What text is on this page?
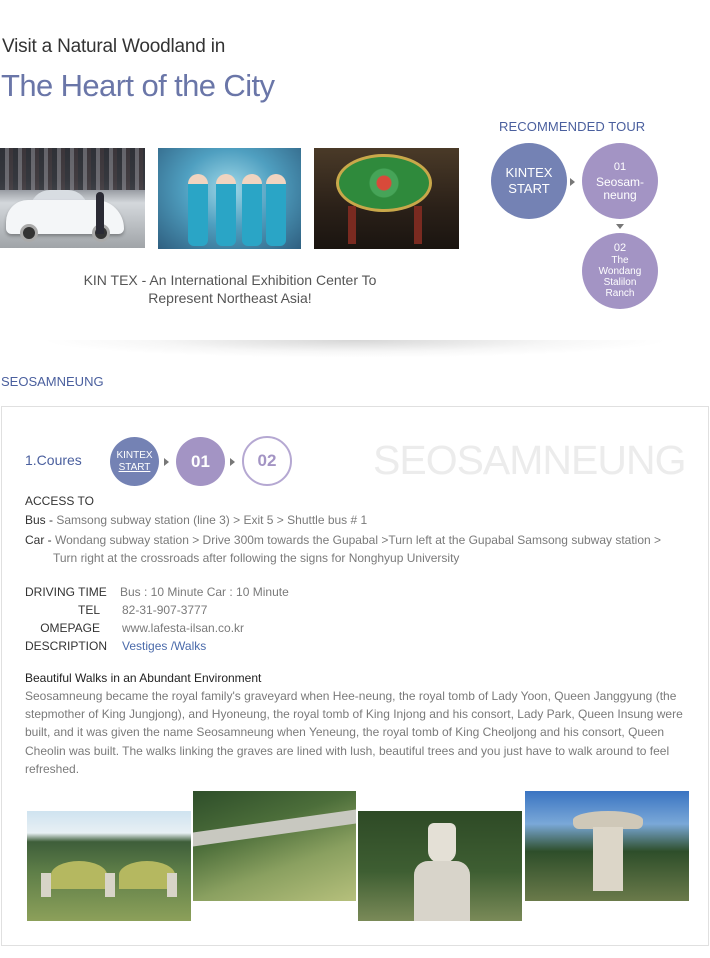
Visit a Natural Woodland in
The Heart of the City
KIN TEX - An International Exhibition Center To
Represent Northeast Asia!
RECOMMENDED TOUR
KINTEX
START
01
Seosam-
neung
02
The
Wondang
Stalilon
Ranch
SEOSAMNEUNG
SEOSAMNEUNG
1.Coures	KINTEX
START	01	02
ACCESS TO
Bus - Samsong subway station (line 3) > Exit 5 > Shuttle bus # 1
Car - Wondang subway station > Drive 300m towards the Gupabal >Turn left at the Gupabal Samsong subway station >
Turn right at the crossroads after following the signs for Nonghyup University
DRIVING TIME Bus : 10 Minute Car : 10 Minute
TEL 82-31-907-3777
OMEPAGE www.lafesta-ilsan.co.kr
DESCRIPTION Vestiges /Walks
Beautiful Walks in an Abundant Environment
Seosamneung became the royal family's graveyard when Hee-neung, the royal tomb of Lady Yoon, Queen Janggyung (the stepmother of King Jungjong), and Hyoneung, the royal tomb of King Injong and his consort, Lady Park, Queen Insung were built, and it was given the name Seosamneung when Yeneung, the royal tomb of King Cheoljong and his consort, Queen Cheolin was built. The walks linking the graves are lined with lush, beautiful trees and you just have to walk around to feel refreshed.
